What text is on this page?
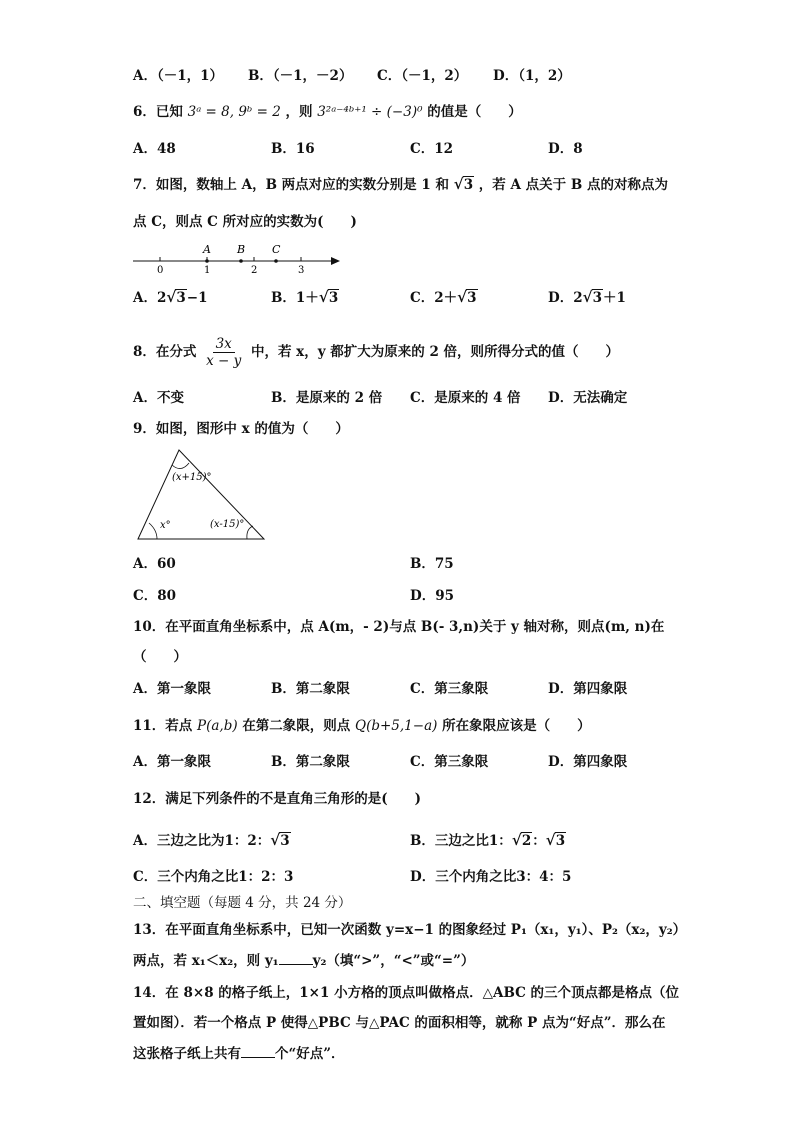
A．（－1，1） B．（－1，－2） C．（－1，2） D．（1，2）
6．已知 3ᵃ = 8, 9ᵇ = 2 ，则 3²ᵃ⁻⁴ᵇ⁺¹ ÷ (−3)⁰ 的值是（　　）
A．48	B．16	C．12	D．8
7．如图，数轴上 A，B 两点对应的实数分别是 1 和 √ 3 ，若 A 点关于 B 点的对称点为
点 C，则点 C 所对应的实数为(　　)
A B C
0	1	2	3
A．2 √ 3−1	B．1＋ √ 3	C．2＋ √ 3	D．2 √ 3＋1
8．在分式 $\frac{3x}{x - y}$ 中，若 x，y 都扩大为原来的 2 倍，则所得分式的值（　　）
A．不变	B．是原来的 2 倍 C．是原来的 4 倍 D．无法确定
9．如图，图形中 x 的值为（　　）
(x+15)°
x°	(x-15)°
A．60	B．75
C．80	D．95
10．在平面直角坐标系中，点 A(m，- 2)与点 B(- 3,n)关于 y 轴对称，则点(m, n)在
（　　）
A．第一象限	B．第二象限	C．第三象限	D．第四象限
11．若点 P(a,b) 在第二象限，则点 Q(b+5,1−a) 所在象限应该是（　　）
A．第一象限	B．第二象限	C．第三象限	D．第四象限
12．满足下列条件的不是直角三角形的是(　　)
A．三边之比为1：2： √ 3	B．三边之比1： √ 2： √ 3
C．三个内角之比1：2：3	D．三个内角之比3：4：5
二、填空题（每题 4 分，共 24 分）
13．在平面直角坐标系中，已知一次函数 y=x−1 的图象经过 P₁（x₁，y₁）、P₂（x₂，y₂）
两点，若 x₁＜x₂，则 y₁	y₂（填“>”，“<”或“=”）
14．在 8×8 的格子纸上，1×1 小方格的顶点叫做格点．△ABC 的三个顶点都是格点（位
置如图）．若一个格点 P 使得△PBC 与△PAC 的面积相等，就称 P 点为“好点”．那么在
这张格子纸上共有	个“好点”．
